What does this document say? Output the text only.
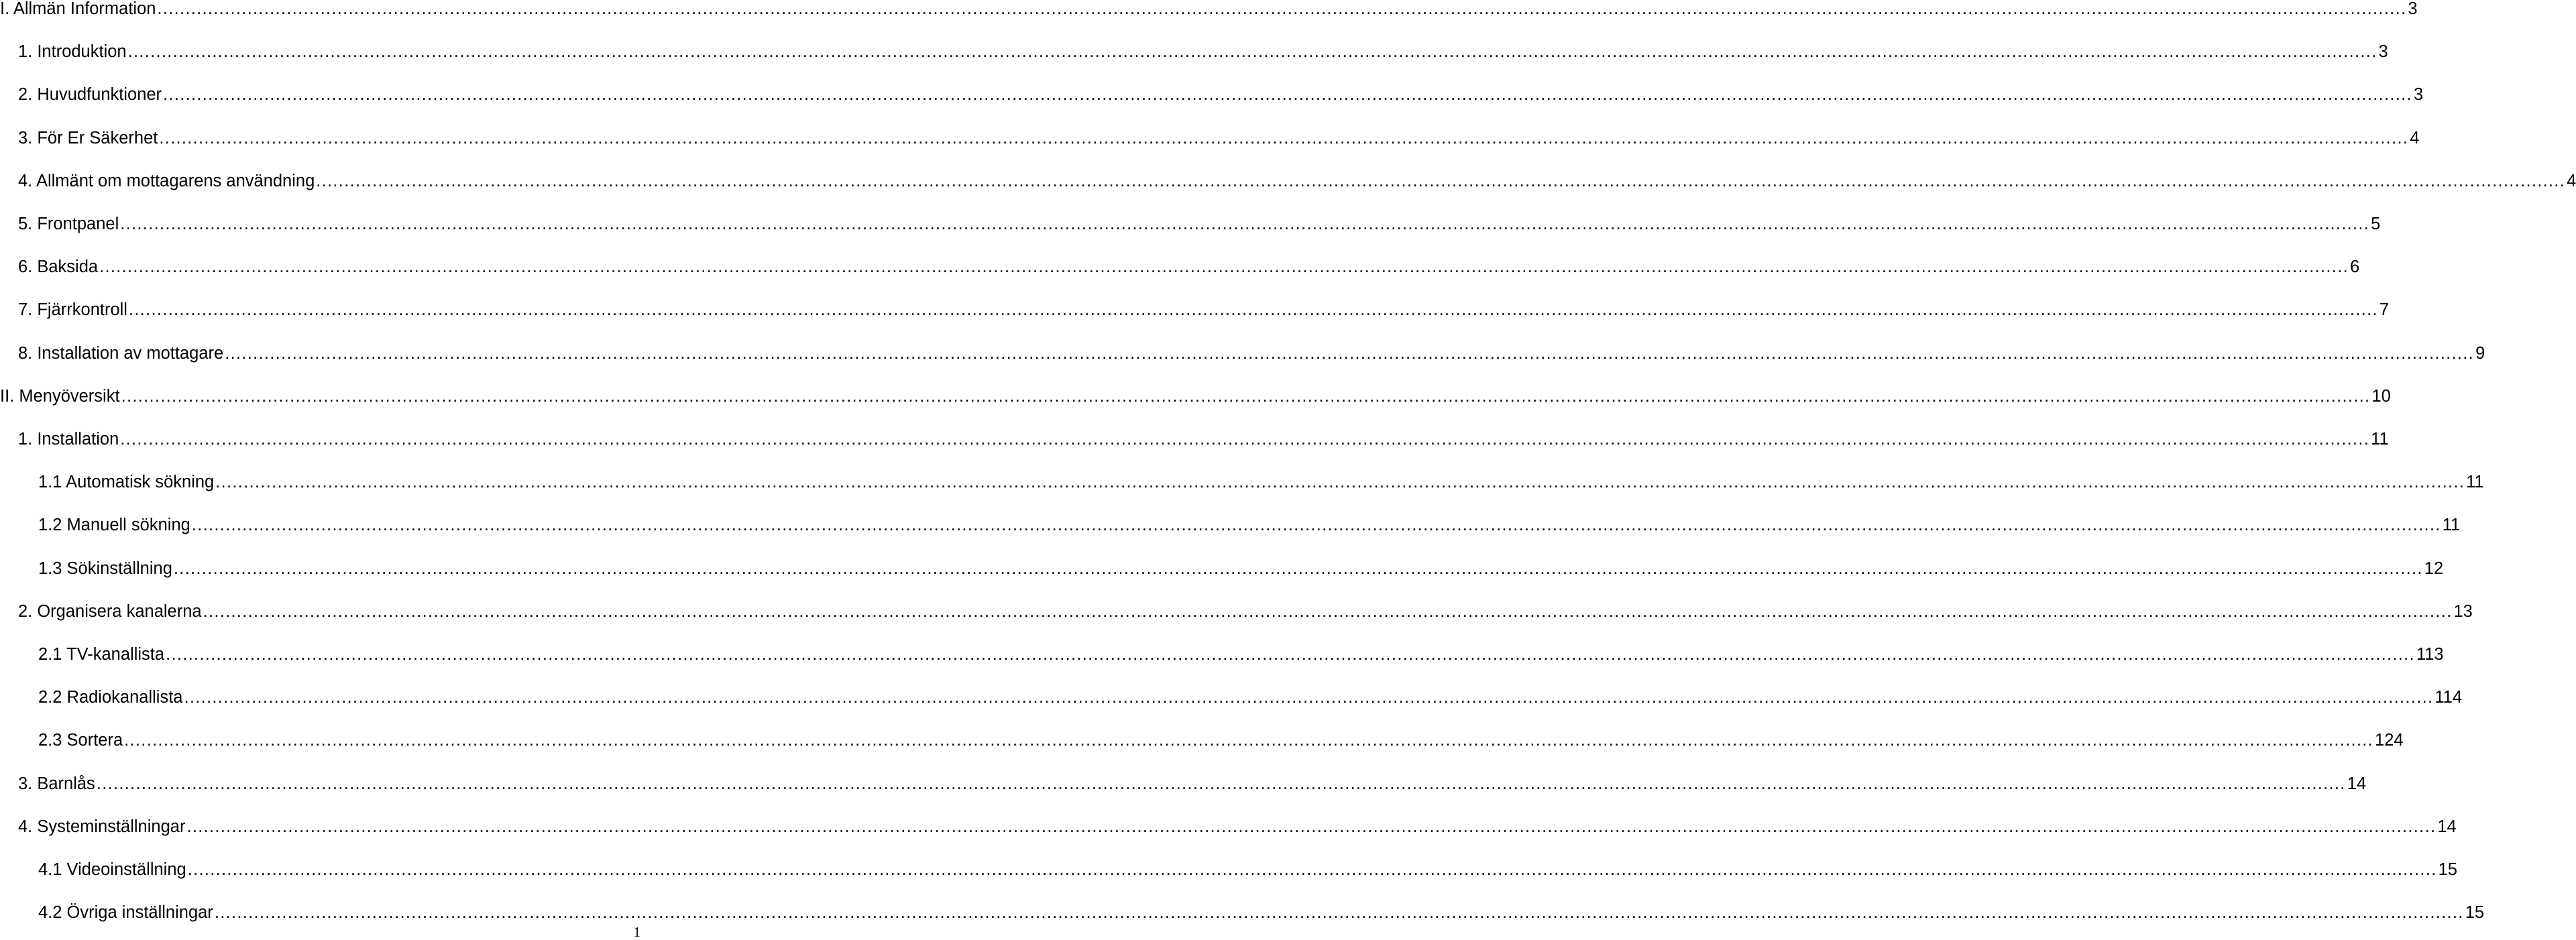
I. Allmän Information ................................................................................................................................................................................................................................................................................................................................................................................................................ 3
1. Introduktion ................................................................................................................................................................................................................................................................................................................................................................................................................ 3
2. Huvudfunktioner ................................................................................................................................................................................................................................................................................................................................................................................................................ 3
3. För Er Säkerhet ................................................................................................................................................................................................................................................................................................................................................................................................................ 4
4. Allmänt om mottagarens användning ................................................................................................................................................................................................................................................................................................................................................................................................................ 4
5. Frontpanel ................................................................................................................................................................................................................................................................................................................................................................................................................ 5
6. Baksida ................................................................................................................................................................................................................................................................................................................................................................................................................ 6
7. Fjärrkontroll ................................................................................................................................................................................................................................................................................................................................................................................................................ 7
8. Installation av mottagare ................................................................................................................................................................................................................................................................................................................................................................................................................ 9
II. Menyöversikt ................................................................................................................................................................................................................................................................................................................................................................................................................ 10
1. Installation ................................................................................................................................................................................................................................................................................................................................................................................................................ 11
1.1 Automatisk sökning ................................................................................................................................................................................................................................................................................................................................................................................................................ 11
1.2 Manuell sökning ................................................................................................................................................................................................................................................................................................................................................................................................................ 11
1.3 Sökinställning ................................................................................................................................................................................................................................................................................................................................................................................................................ 12
2. Organisera kanalerna ................................................................................................................................................................................................................................................................................................................................................................................................................ 13
2.1 TV-kanallista ................................................................................................................................................................................................................................................................................................................................................................................................................ 113
2.2 Radiokanallista ................................................................................................................................................................................................................................................................................................................................................................................................................ 114
2.3 Sortera ................................................................................................................................................................................................................................................................................................................................................................................................................ 124
3. Barnlås ................................................................................................................................................................................................................................................................................................................................................................................................................ 14
4. Systeminställningar ................................................................................................................................................................................................................................................................................................................................................................................................................ 14
4.1 Videoinställning ................................................................................................................................................................................................................................................................................................................................................................................................................ 15
4.2 Övriga inställningar ................................................................................................................................................................................................................................................................................................................................................................................................................ 15
1
